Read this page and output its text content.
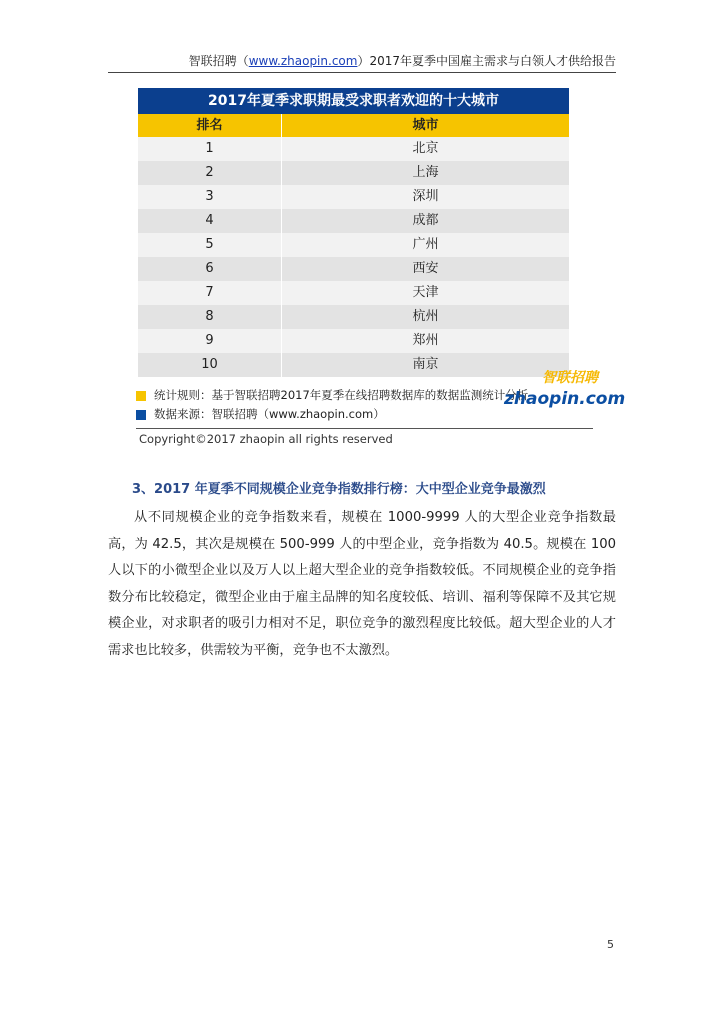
智联招聘（www.zhaopin.com）2017年夏季中国雇主需求与白领人才供给报告
2017年夏季求职期最受求职者欢迎的十大城市
排名	城市
1	北京
2	上海
3	深圳
4	成都
5	广州
6	西安
7	天津
8	杭州
9	郑州
10	南京
统计规则：基于智联招聘2017年夏季在线招聘数据库的数据监测统计分析
数据来源：智联招聘（www.zhaopin.com）
智联招聘
zhaopin.com
Copyright©2017 zhaopin all rights reserved
3、2017 年夏季不同规模企业竞争指数排行榜：大中型企业竞争最激烈
从不同规模企业的竞争指数来看，规模在 1000-9999 人的大型企业竞争指数最高，为 42.5，其次是规模在 500-999 人的中型企业，竞争指数为 40.5。规模在 100 人以下的小微型企业以及万人以上超大型企业的竞争指数较低。不同规模企业的竞争指数分布比较稳定，微型企业由于雇主品牌的知名度较低、培训、福利等保障不及其它规模企业，对求职者的吸引力相对不足，职位竞争的激烈程度比较低。超大型企业的人才需求也比较多，供需较为平衡，竞争也不太激烈。
5
